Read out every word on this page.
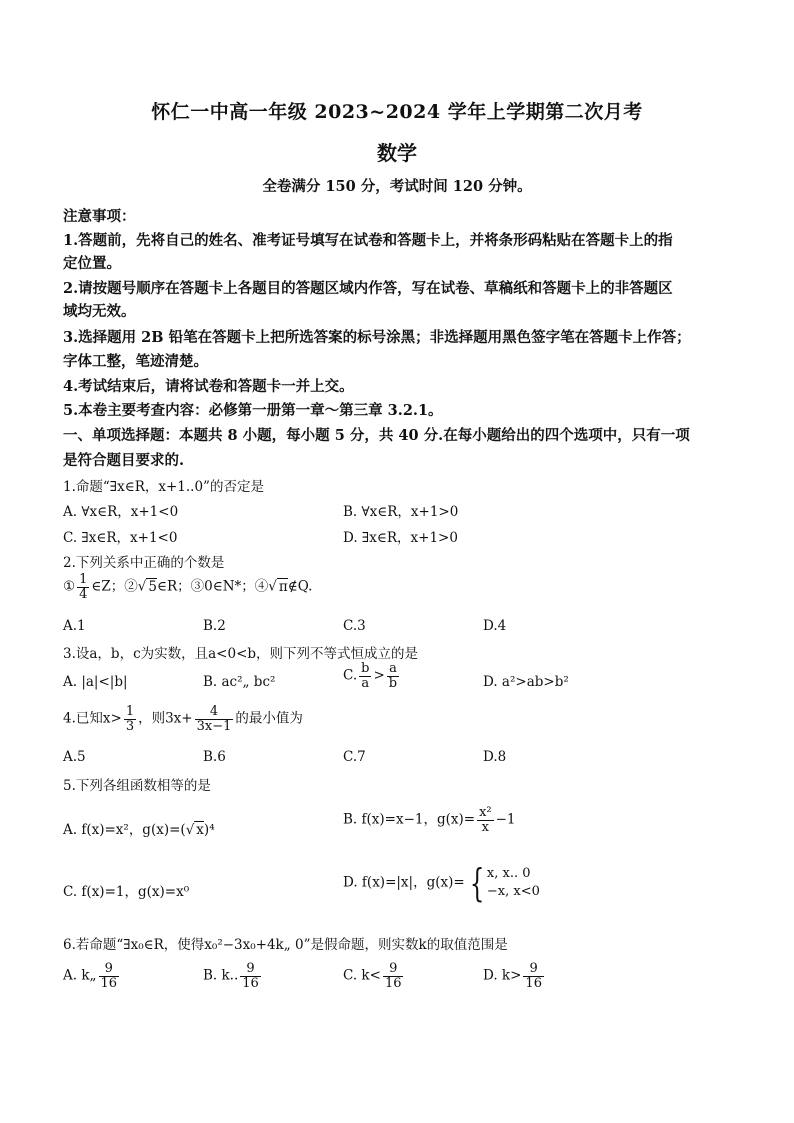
怀仁一中高一年级 2023~2024 学年上学期第二次月考
数学
全卷满分 150 分，考试时间 120 分钟。
注意事项：
1.答题前，先将自己的姓名、准考证号填写在试卷和答题卡上，并将条形码粘贴在答题卡上的指
定位置。
2.请按题号顺序在答题卡上各题目的答题区域内作答，写在试卷、草稿纸和答题卡上的非答题区
域均无效。
3.选择题用 2B 铅笔在答题卡上把所选答案的标号涂黑；非选择题用黑色签字笔在答题卡上作答；
字体工整，笔迹清楚。
4.考试结束后，请将试卷和答题卡一并上交。
5.本卷主要考查内容：必修第一册第一章～第三章 3.2.1。
一、单项选择题：本题共 8 小题，每小题 5 分，共 40 分.在每小题给出的四个选项中，只有一项
是符合题目要求的.
1.命题“∃x∈R，x+1..0”的否定是
A. ∀x∈R，x+1<0	B. ∀x∈R，x+1>0
C. ∃x∈R，x+1<0	D. ∃x∈R，x+1>0
2.下列关系中正确的个数是
① $\frac{1}{4}$ ∈Z；②√ 5∈R；③0∈N*；④√ π∉Q.
A.1	B.2	C.3	D.4
3.设a，b，c为实数，且a<0<b，则下列不等式恒成立的是
A. |a|<|b|	B. ac²„ bc²	C. $\frac{b}{a} > \frac{a}{b}$	D. a²>ab>b²
4.已知$x> \frac{1}{3}$ ，则$3x+ \frac{4}{3x-1}$ 的最小值为
A.5	B.6	C.7	D.8
5.下列各组函数相等的是
A. f(x)=x²，g(x)=(√ x)⁴
B. f(x)=x−1，$g(x)= \frac{\text{x²}}{x} -1$
C. f(x)=1，g(x)=x⁰
D. f(x)=|x|，g(x)= { x, x.. 0
−x, x<0
6.若命题“∃x₀∈R，使得x₀²−3x₀+4k„ 0”是假命题，则实数k的取值范围是
A. k„ $\frac{9}{16}$	B. k.. $\frac{9}{16}$	C. $k< \frac{9}{16}$	D. $k> \frac{9}{16}$
